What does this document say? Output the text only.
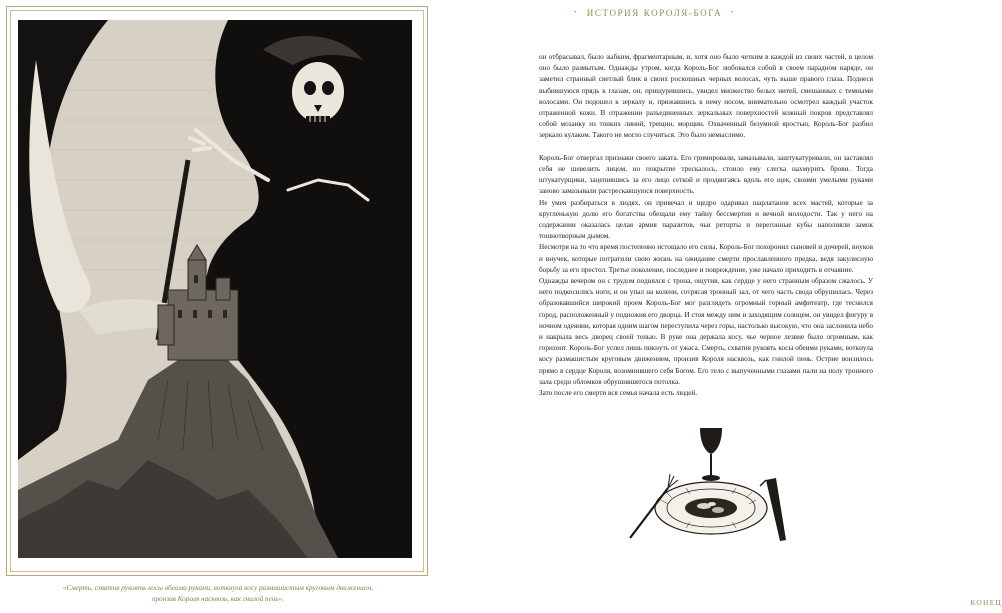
«Смерть, схватив рукоять косы обеими руками, воткнула косу размашистым круговым движением,
пронзив Короля насквозь, как гнилой пень».
• ИСТОРИЯ КОРОЛЯ-БОГА •

он отбрасывал, было зыбким, фрагментарным, и, хотя оно было четким в каждой из своих частей, в целом оно было размытым. Однажды утром, когда Король-Бог любовался собой в своем парадном наряде, он заметил странный светлый блик в своих роскошных черных волосах, чуть выше правого глаза. Поднеся выбившуюся прядь к глазам, он, прищурившись, увидел множество белых нитей, смешанных с темными волосами. Он подошел к зеркалу и, прижавшись к нему носом, внимательно осмотрел каждый участок отраженной кожи. В отражении разъединенных зеркальных поверхностей кожный покров представлял собой мозаику из тонких линий, трещин, морщин. Охваченный безумной яростью, Король-Бог разбил зеркало кулаком. Такого не могло случиться. Это было немыслимо.

Король-Бог отвергал признаки своего заката. Его гримировали, замазывали, заштукатуривали, он заставлял себя не шевелить лицом, но покрытие трескалось, стоило ему слегка нахмурить брови. Тогда штукатурщики, зацепившись за его лицо сеткой и продвигаясь вдоль его щек, своими умелыми руками заново замазывали растрескавшуюся поверхность.

Не умея разбираться в людях, он привечал и щедро одаривал шарлатанов всех мастей, которые за кругленькую долю его богатства обещали ему тайну бессмертия и вечной молодости. Так у него на содержании оказалась целая армия паразитов, чьи реторты и перегонные кубы наполняли замок тошнотворным дымом.

Несмотря на то что время постепенно истощало его силы, Король-Бог похоронил сыновей и дочерей, внуков и внучек, которые потратили свою жизнь на ожидание смерти прославленного предка, ведя закулисную борьбу за его престол. Третье поколение, последнее и повреждение, уже начало приходить в отчаяние.

Однажды вечером он с трудом поднялся с трона, ощутив, как сердце у него странным образом сжалось. У него подкосились ноги, и он упал на колени, сотрясая тронный зал, от чего часть свода обрушилась. Через образовавшийся широкий проем Король-Бог мог разглядеть огромный горный амфитеатр, где теснился город, расположенный у подножия его дворца. И стоя между ним и заходящим солнцем, он увидел фигуру в ночном одеянии, которая одним шагом переступила через горы, настолько высокую, что она заслонила небо и накрыла весь дворец своей тенью. В руке она держала косу, чье черное лезвие было огромным, как горизонт. Король-Бог успел лишь пикнуть от ужаса. Смерть, схватив рукоять косы обеими руками, воткнула косу размашистым круговым движением, пронзив Короля насквозь, как гнилой пень. Острие вонзилось прямо в сердце Короля, возомнившего себя Богом. Его тело с выпученными глазами пали на полу тронного зала среди обломков обрушившегося потолка.

Зато после его смерти вся семья начала есть людей.

КОНЕЦ
